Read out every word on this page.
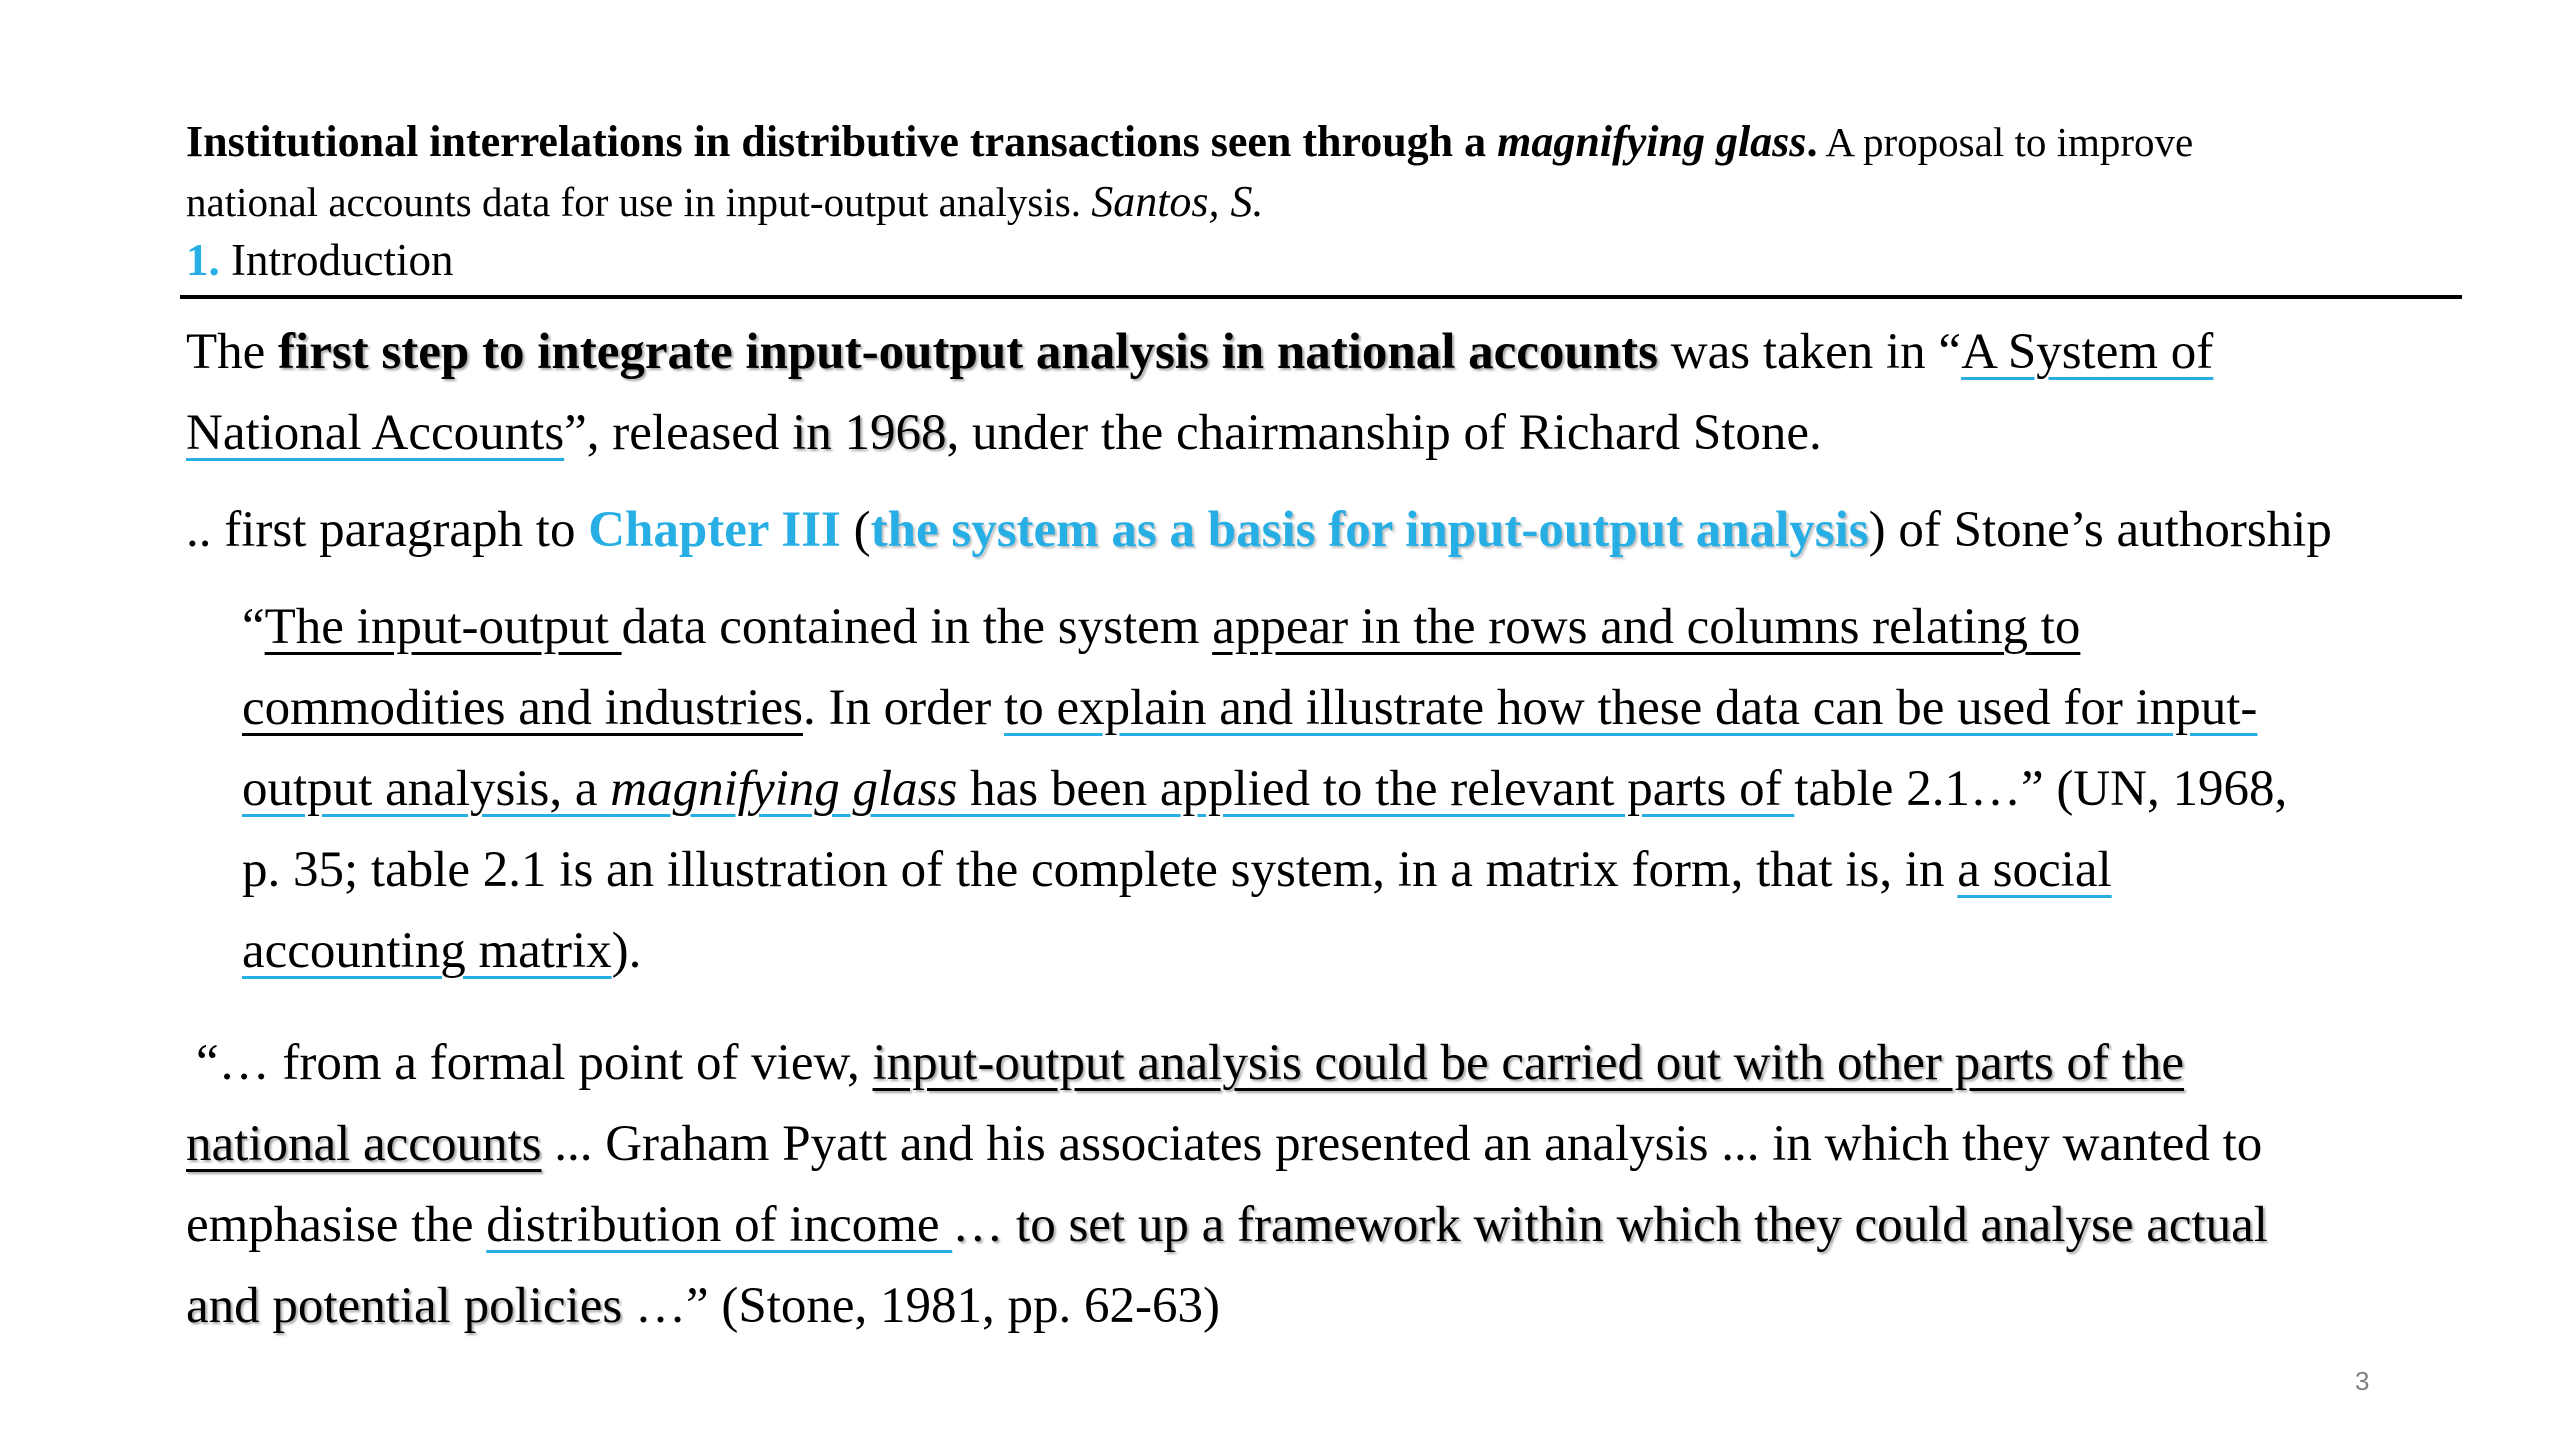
Institutional interrelations in distributive transactions seen through a magnifying glass. A proposal to improve
national accounts data for use in input-output analysis. Santos, S.
1. Introduction
The first step to integrate input-output analysis in national accounts was taken in “A System of
National Accounts”, released in 1968, under the chairmanship of Richard Stone.
.. first paragraph to Chapter III (the system as a basis for input-output analysis) of Stone’s authorship
“The input-output data contained in the system appear in the rows and columns relating to
commodities and industries. In order to explain and illustrate how these data can be used for input-
output analysis, a magnifying glass has been applied to the relevant parts of table 2.1…” (UN, 1968,
p. 35; table 2.1 is an illustration of the complete system, in a matrix form, that is, in a social
accounting matrix).
“… from a formal point of view, input-output analysis could be carried out with other parts of the
national accounts ... Graham Pyatt and his associates presented an analysis ... in which they wanted to
emphasise the distribution of income … to set up a framework within which they could analyse actual
and potential policies …” (Stone, 1981, pp. 62-63)
3
